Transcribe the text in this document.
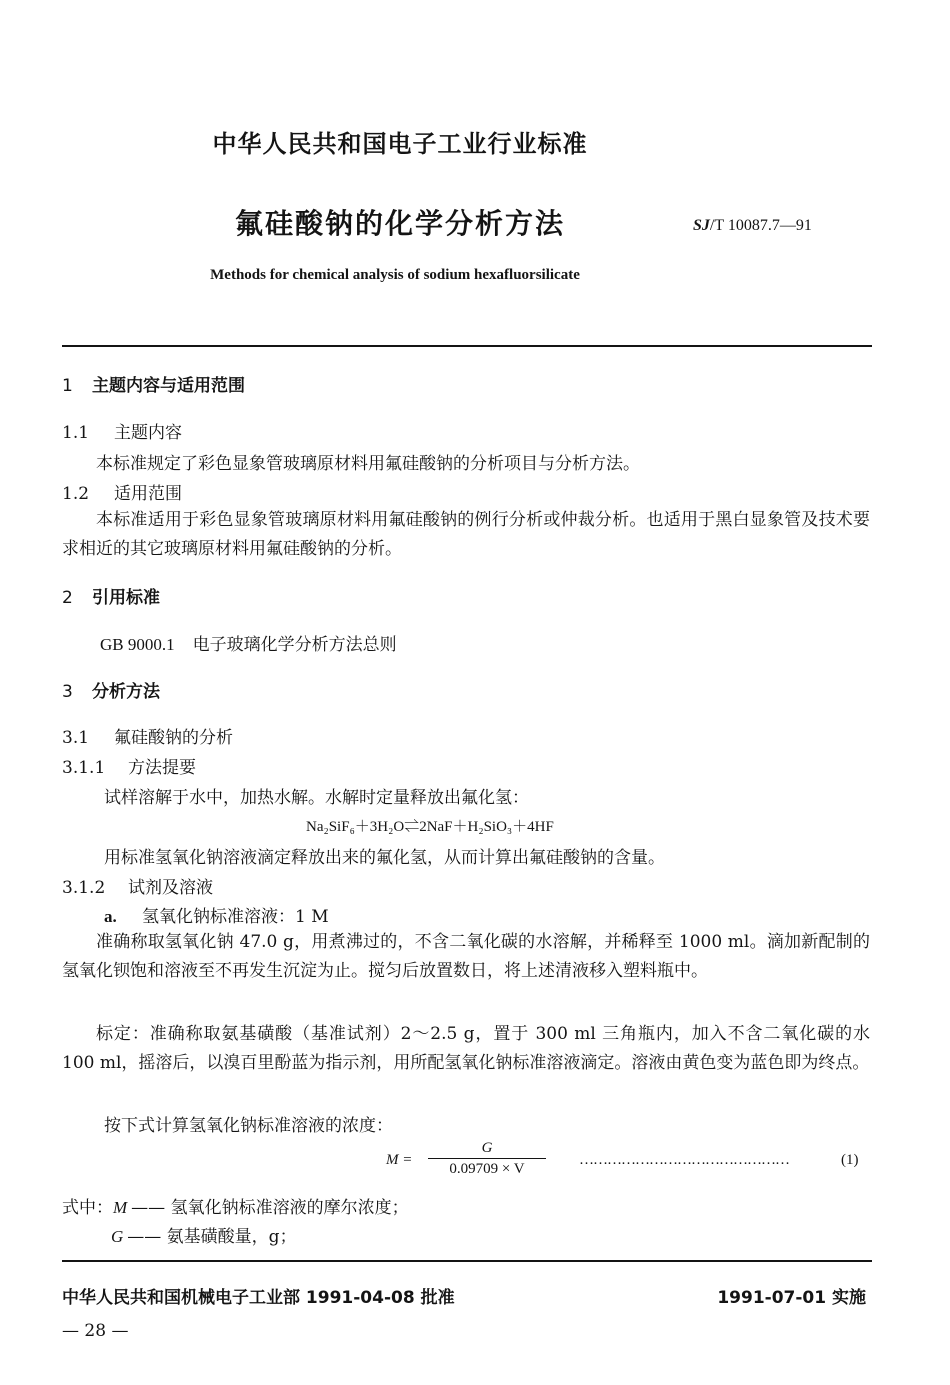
中华人民共和国电子工业行业标准
氟硅酸钠的化学分析方法	SJ/T 10087.7—91
Methods for chemical analysis of sodium hexafluorsilicate
1 主题内容与适用范围
1.1 主题内容
本标准规定了彩色显象管玻璃原材料用氟硅酸钠的分析项目与分析方法。
1.2 适用范围
本标准适用于彩色显象管玻璃原材料用氟硅酸钠的例行分析或仲裁分析。也适用于黑白显象管及技术要求相近的其它玻璃原材料用氟硅酸钠的分析。
2 引用标准
GB 9000.1 电子玻璃化学分析方法总则
3 分析方法
3.1 氟硅酸钠的分析
3.1.1 方法提要
试样溶解于水中，加热水解。水解时定量释放出氟化氢：
Na₂SiF₆＋3H₂O⇌2NaF＋H₂SiO₃＋4HF
用标准氢氧化钠溶液滴定释放出来的氟化氢，从而计算出氟硅酸钠的含量。
3.1.2 试剂及溶液
a. 氢氧化钠标准溶液：1 M
准确称取氢氧化钠 47.0 g，用煮沸过的，不含二氧化碳的水溶解，并稀释至 1000 ml。滴加新配制的氢氧化钡饱和溶液至不再发生沉淀为止。搅匀后放置数日，将上述清液移入塑料瓶中。
标定：准确称取氨基磺酸（基准试剂）2～2.5 g，置于 300 ml 三角瓶内，加入不含二氧化碳的水 100 ml，摇溶后，以溴百里酚蓝为指示剂，用所配氢氧化钠标准溶液滴定。溶液由黄色变为蓝色即为终点。
按下式计算氢氧化钠标准溶液的浓度：
M =
G
0.09709 × V
………………………………………	(1)
式中：M —— 氢氧化钠标准溶液的摩尔浓度；
G —— 氨基磺酸量，g；
中华人民共和国机械电子工业部 1991-04-08 批准	1991-07-01 实施
— 28 —
